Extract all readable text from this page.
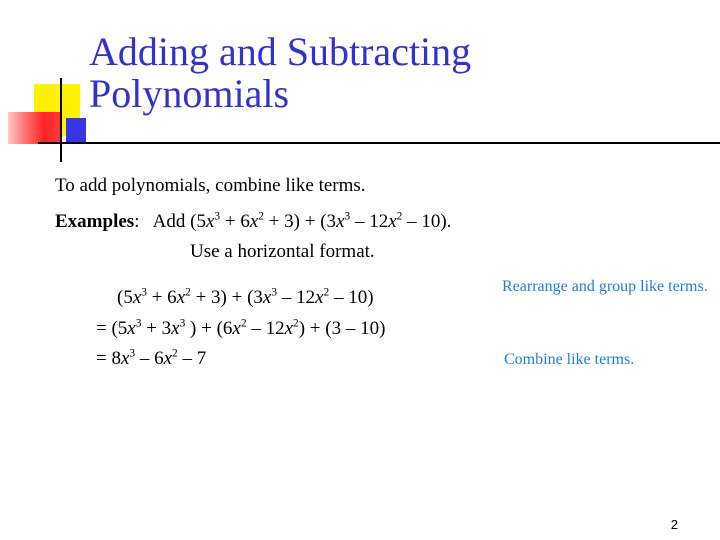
Adding and Subtracting
Polynomials
To add polynomials, combine like terms.
Examples:   Add $(5x^3 + 6x^2 + 3) + (3x^3 - 12x^2 - 10)$.
Use a horizontal format.
$(5x^3 + 6x^2 + 3) + (3x^3 - 12x^2 - 10)$
= ($5x^3 + 3x^3$ ) + $(6x^2 - 12x^2) + (3 - 10)$
= $8x^3 - 6x^2 - 7$
Rearrange and group like terms.
Combine like terms.
2
